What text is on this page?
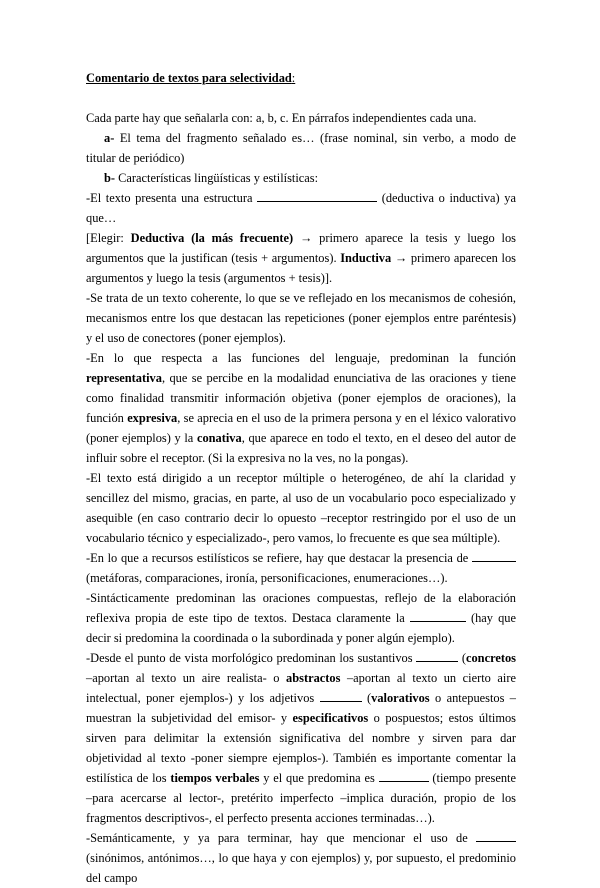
Comentario de textos para selectividad:

Cada parte hay que señalarla con: a, b, c. En párrafos independientes cada una.

a- El tema del fragmento señalado es… (frase nominal, sin verbo, a modo de titular de periódico)

b- Características lingüísticas y estilísticas:

-El texto presenta una estructura	(deductiva o inductiva) ya que…
[Elegir: Deductiva (la más frecuente) → primero aparece la tesis y luego los argumentos que la justifican (tesis + argumentos). Inductiva → primero aparecen los argumentos y luego la tesis (argumentos + tesis)].

-Se trata de un texto coherente, lo que se ve reflejado en los mecanismos de cohesión, mecanismos entre los que destacan las repeticiones (poner ejemplos entre paréntesis) y el uso de conectores (poner ejemplos).

-En lo que respecta a las funciones del lenguaje, predominan la función representativa, que se percibe en la modalidad enunciativa de las oraciones y tiene como finalidad transmitir información objetiva (poner ejemplos de oraciones), la función expresiva, se aprecia en el uso de la primera persona y en el léxico valorativo (poner ejemplos) y la conativa, que aparece en todo el texto, en el deseo del autor de influir sobre el receptor. (Si la expresiva no la ves, no la pongas).

-El texto está dirigido a un receptor múltiple o heterogéneo, de ahí la claridad y sencillez del mismo, gracias, en parte, al uso de un vocabulario poco especializado y asequible (en caso contrario decir lo opuesto –receptor restringido por el uso de un vocabulario técnico y especializado-, pero vamos, lo frecuente es que sea múltiple).

-En lo que a recursos estilísticos se refiere, hay que destacar la presencia de  (metáforas, comparaciones, ironía, personificaciones, enumeraciones…).

-Sintácticamente predominan las oraciones compuestas, reflejo de la elaboración reflexiva propia de este tipo de textos. Destaca claramente la	(hay que decir si predomina la coordinada o la subordinada y poner algún ejemplo).

-Desde el punto de vista morfológico predominan los sustantivos	(concretos –aportan al texto un aire realista- o abstractos –aportan al texto un cierto aire intelectual, poner ejemplos-) y los adjetivos	(valorativos o antepuestos –muestran la subjetividad del emisor- y especificativos o pospuestos; estos últimos sirven para delimitar la extensión significativa del nombre y sirven para dar objetividad al texto -poner siempre ejemplos-). También es importante comentar la estilística de los tiempos verbales y el que predomina es	(tiempo presente –para acercarse al lector-, pretérito imperfecto –implica duración, propio de los fragmentos descriptivos-, el perfecto presenta acciones terminadas…).

-Semánticamente, y ya para terminar, hay que mencionar el uso de  (sinónimos, antónimos…, lo que haya y con ejemplos) y, por supuesto, el predominio del campo
